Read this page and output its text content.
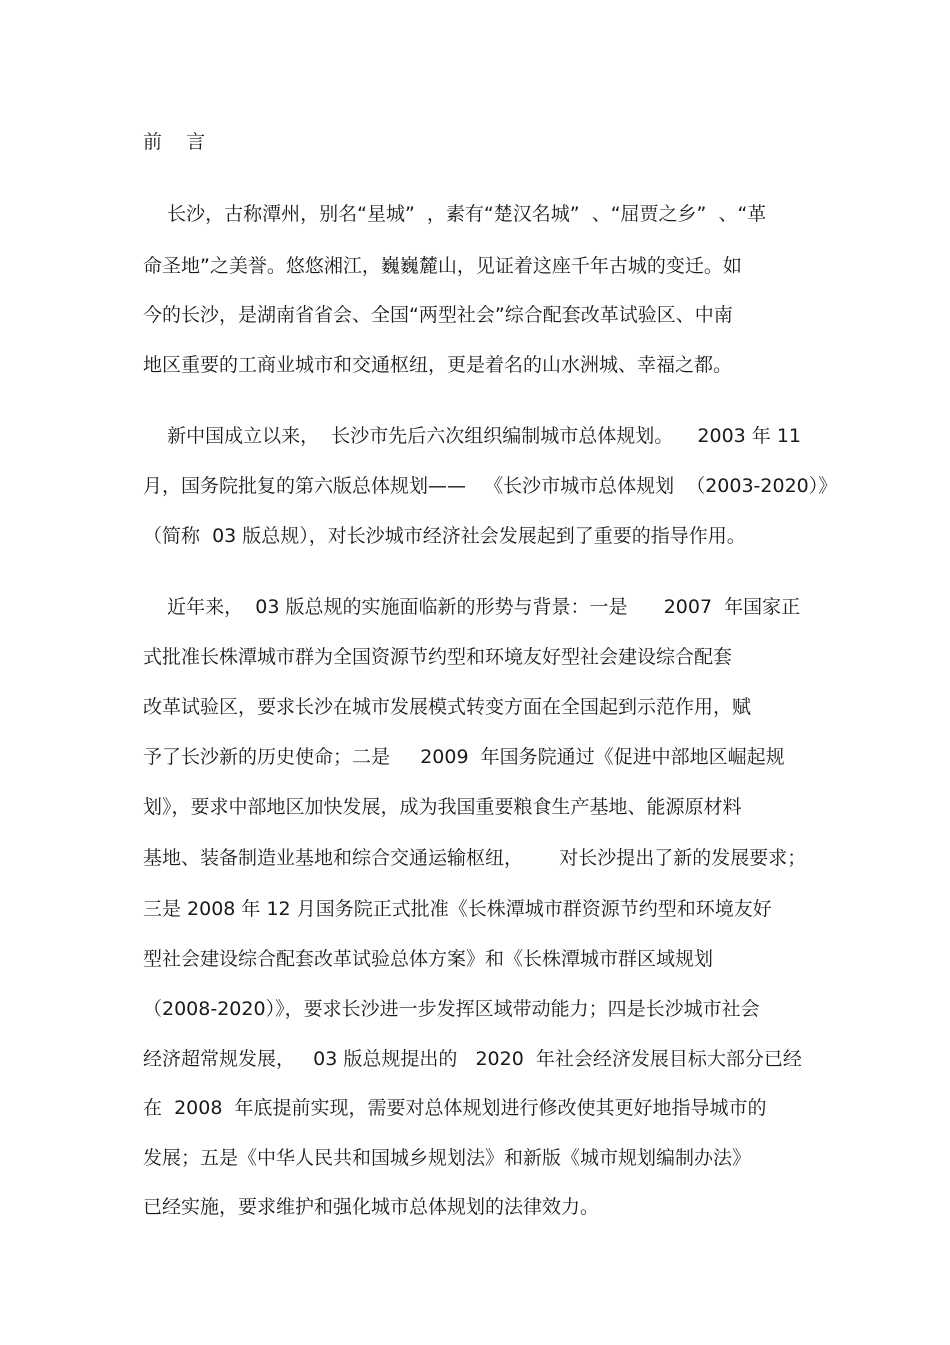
前    言

长沙，古称潭州，别名“星城”  ，素有“楚汉名城”  、“屈贾之乡”  、“革

命圣地”之美誉。悠悠湘江，巍巍麓山，见证着这座千年古城的变迁。如

今的长沙，是湖南省省会、全国“两型社会”综合配套改革试验区、中南

地区重要的工商业城市和交通枢纽，更是着名的山水洲城、幸福之都。

新中国成立以来，  长沙市先后六次组织编制城市总体规划。    2003 年 11

月，国务院批复的第六版总体规划——   《长沙市城市总体规划  （2003-2020）》

（简称  03 版总规），对长沙城市经济社会发展起到了重要的指导作用。

近年来，  03 版总规的实施面临新的形势与背景：一是      2007  年国家正

式批准长株潭城市群为全国资源节约型和环境友好型社会建设综合配套

改革试验区，要求长沙在城市发展模式转变方面在全国起到示范作用，赋

予了长沙新的历史使命；二是     2009  年国务院通过《促进中部地区崛起规

划》，要求中部地区加快发展，成为我国重要粮食生产基地、能源原材料

基地、装备制造业基地和综合交通运输枢纽，      对长沙提出了新的发展要求；

三是 2008 年 12 月国务院正式批准《长株潭城市群资源节约型和环境友好

型社会建设综合配套改革试验总体方案》和《长株潭城市群区域规划

（2008-2020）》，要求长沙进一步发挥区域带动能力；四是长沙城市社会

经济超常规发展，   03 版总规提出的   2020  年社会经济发展目标大部分已经

在  2008  年底提前实现，需要对总体规划进行修改使其更好地指导城市的

发展；五是《中华人民共和国城乡规划法》和新版《城市规划编制办法》

已经实施，要求维护和强化城市总体规划的法律效力。
